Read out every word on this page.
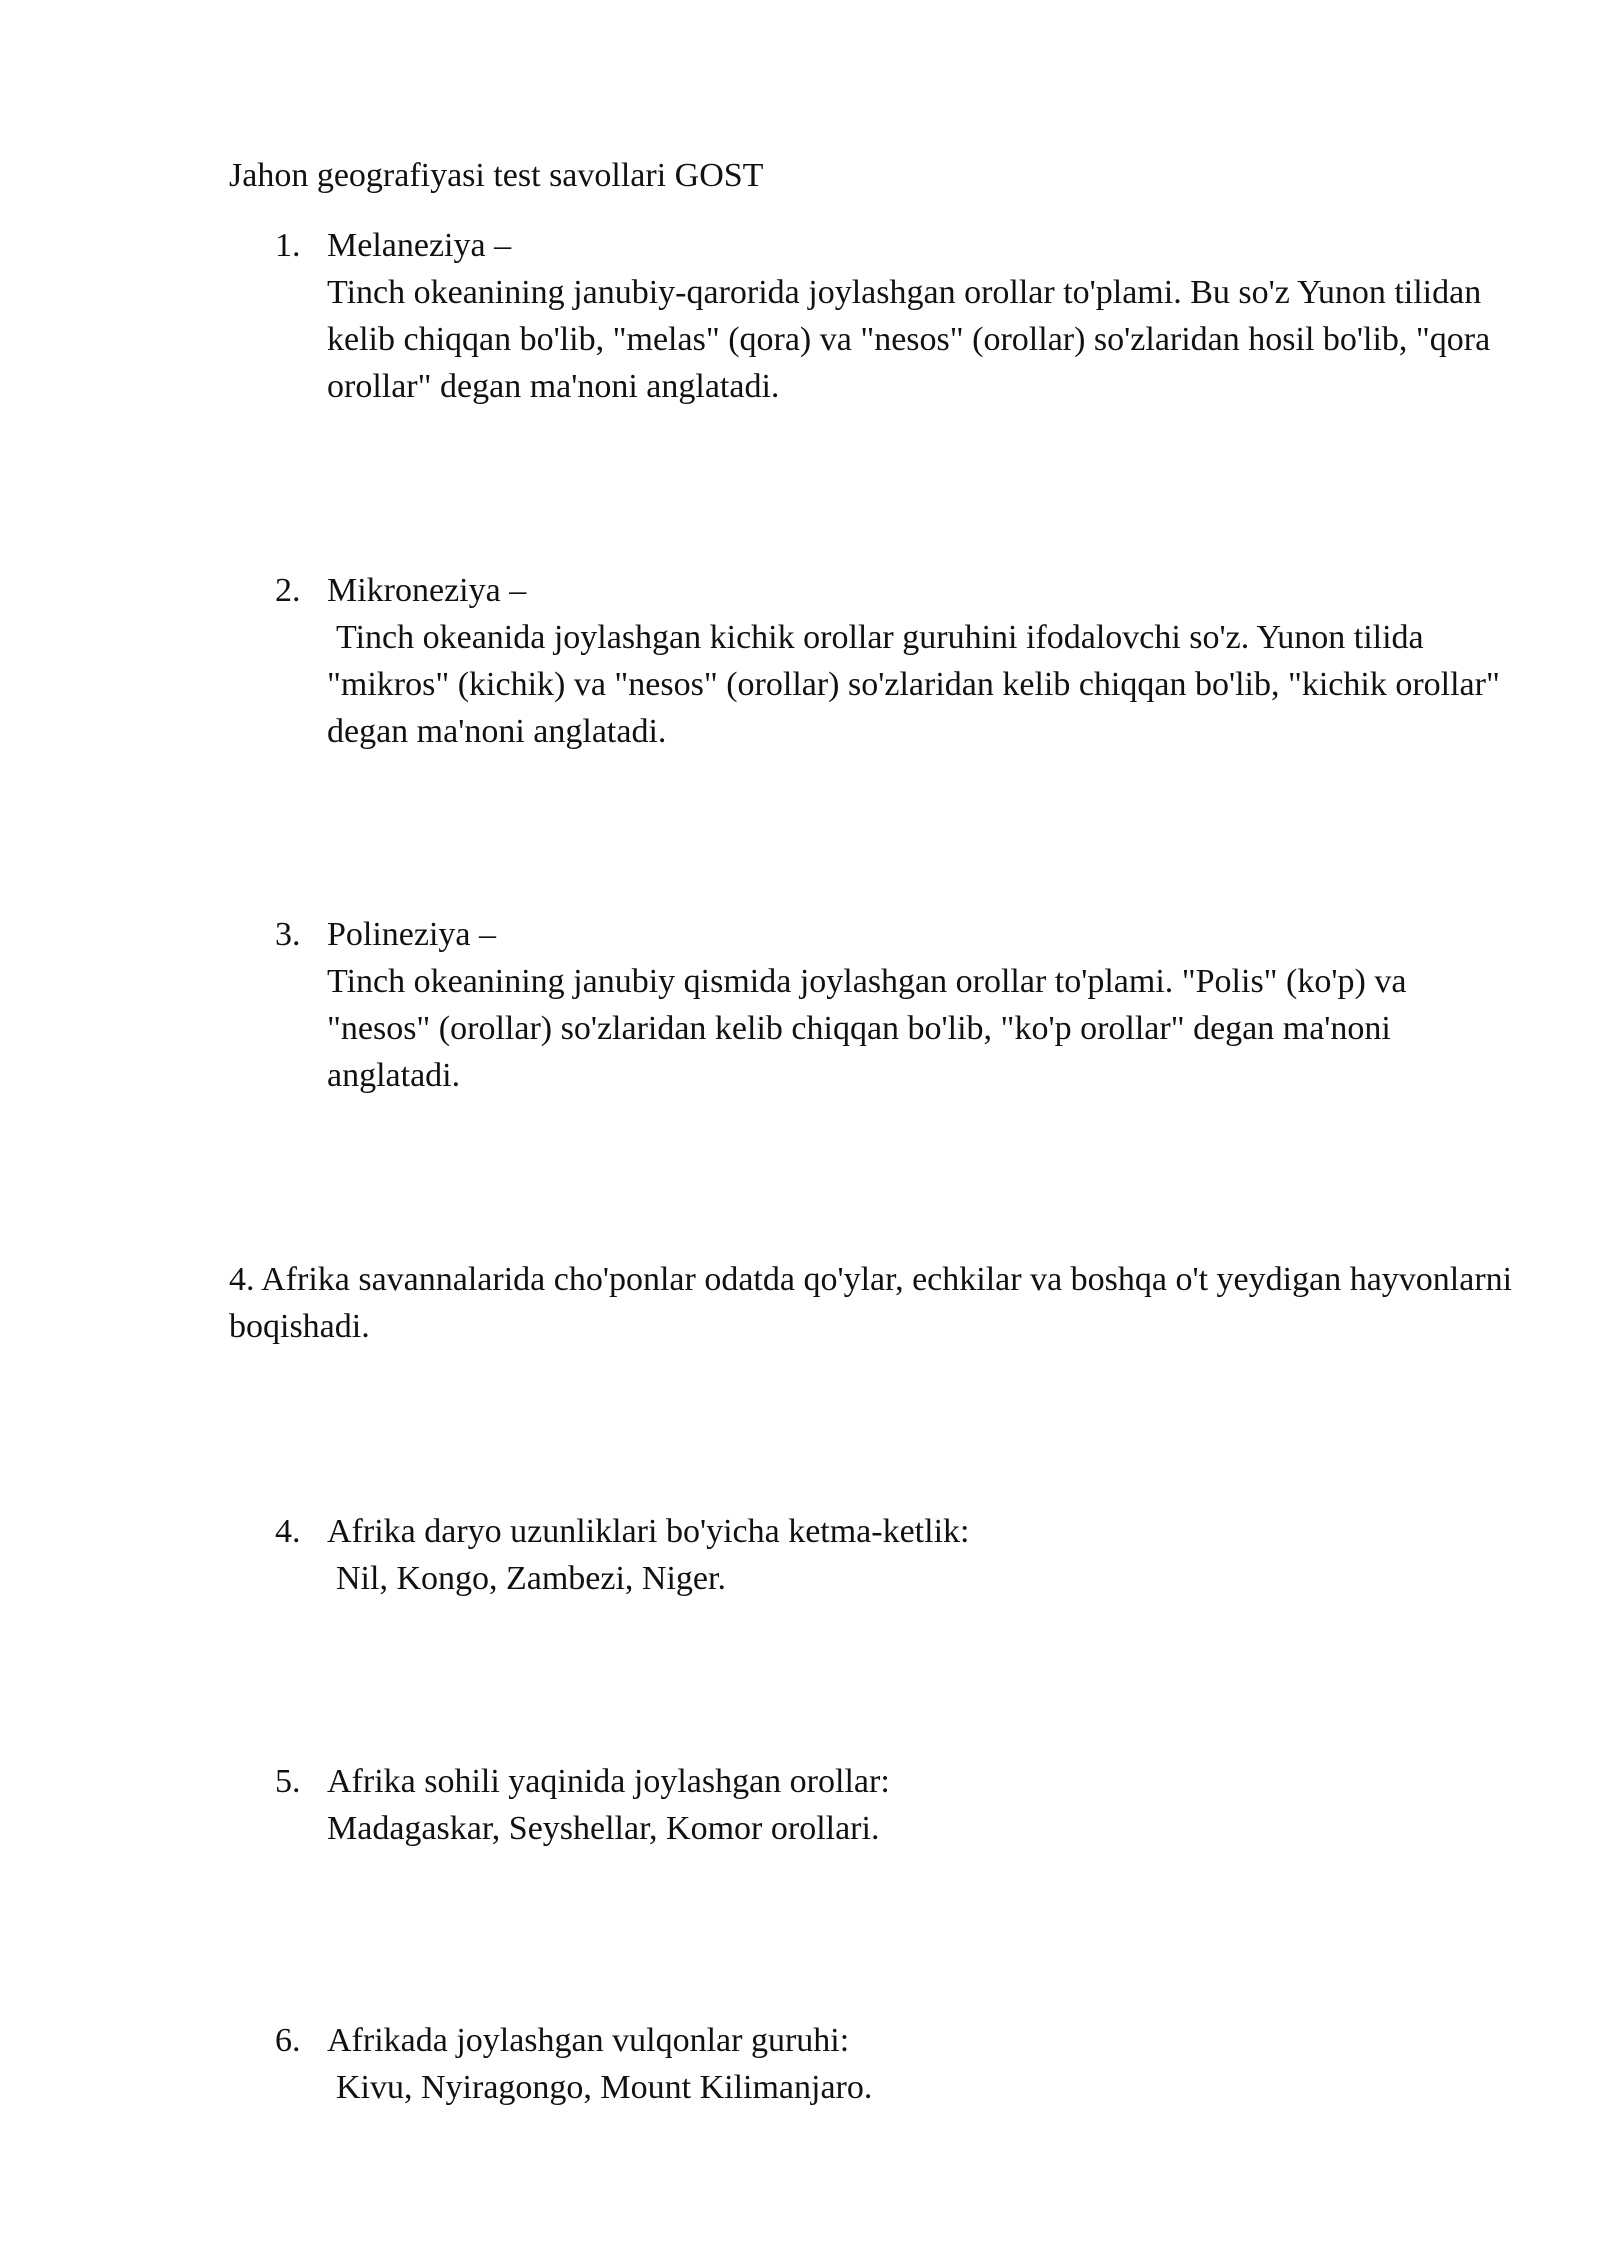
Jahon geografiyasi test savollari GOST
1. Melaneziya –
Tinch okeanining janubiy-qarorida joylashgan orollar to'plami. Bu so'z Yunon tilidan kelib chiqqan bo'lib, "melas" (qora) va "nesos" (orollar) so'zlaridan hosil bo'lib, "qora orollar" degan ma'noni anglatadi.
2. Mikroneziya –
Tinch okeanida joylashgan kichik orollar guruhini ifodalovchi so'z. Yunon tilida "mikros" (kichik) va "nesos" (orollar) so'zlaridan kelib chiqqan bo'lib, "kichik orollar" degan ma'noni anglatadi.
3. Polineziya –
Tinch okeanining janubiy qismida joylashgan orollar to'plami. "Polis" (ko'p) va "nesos" (orollar) so'zlaridan kelib chiqqan bo'lib, "ko'p orollar" degan ma'noni anglatadi.
4. Afrika savannalarida cho'ponlar odatda qo'ylar, echkilar va boshqa o't yeydigan hayvonlarni boqishadi.
4. Afrika daryo uzunliklari bo'yicha ketma-ketlik:
Nil, Kongo, Zambezi, Niger.
5. Afrika sohili yaqinida joylashgan orollar:
Madagaskar, Seyshellar, Komor orollari.
6. Afrikada joylashgan vulqonlar guruhi:
Kivu, Nyiragongo, Mount Kilimanjaro.
